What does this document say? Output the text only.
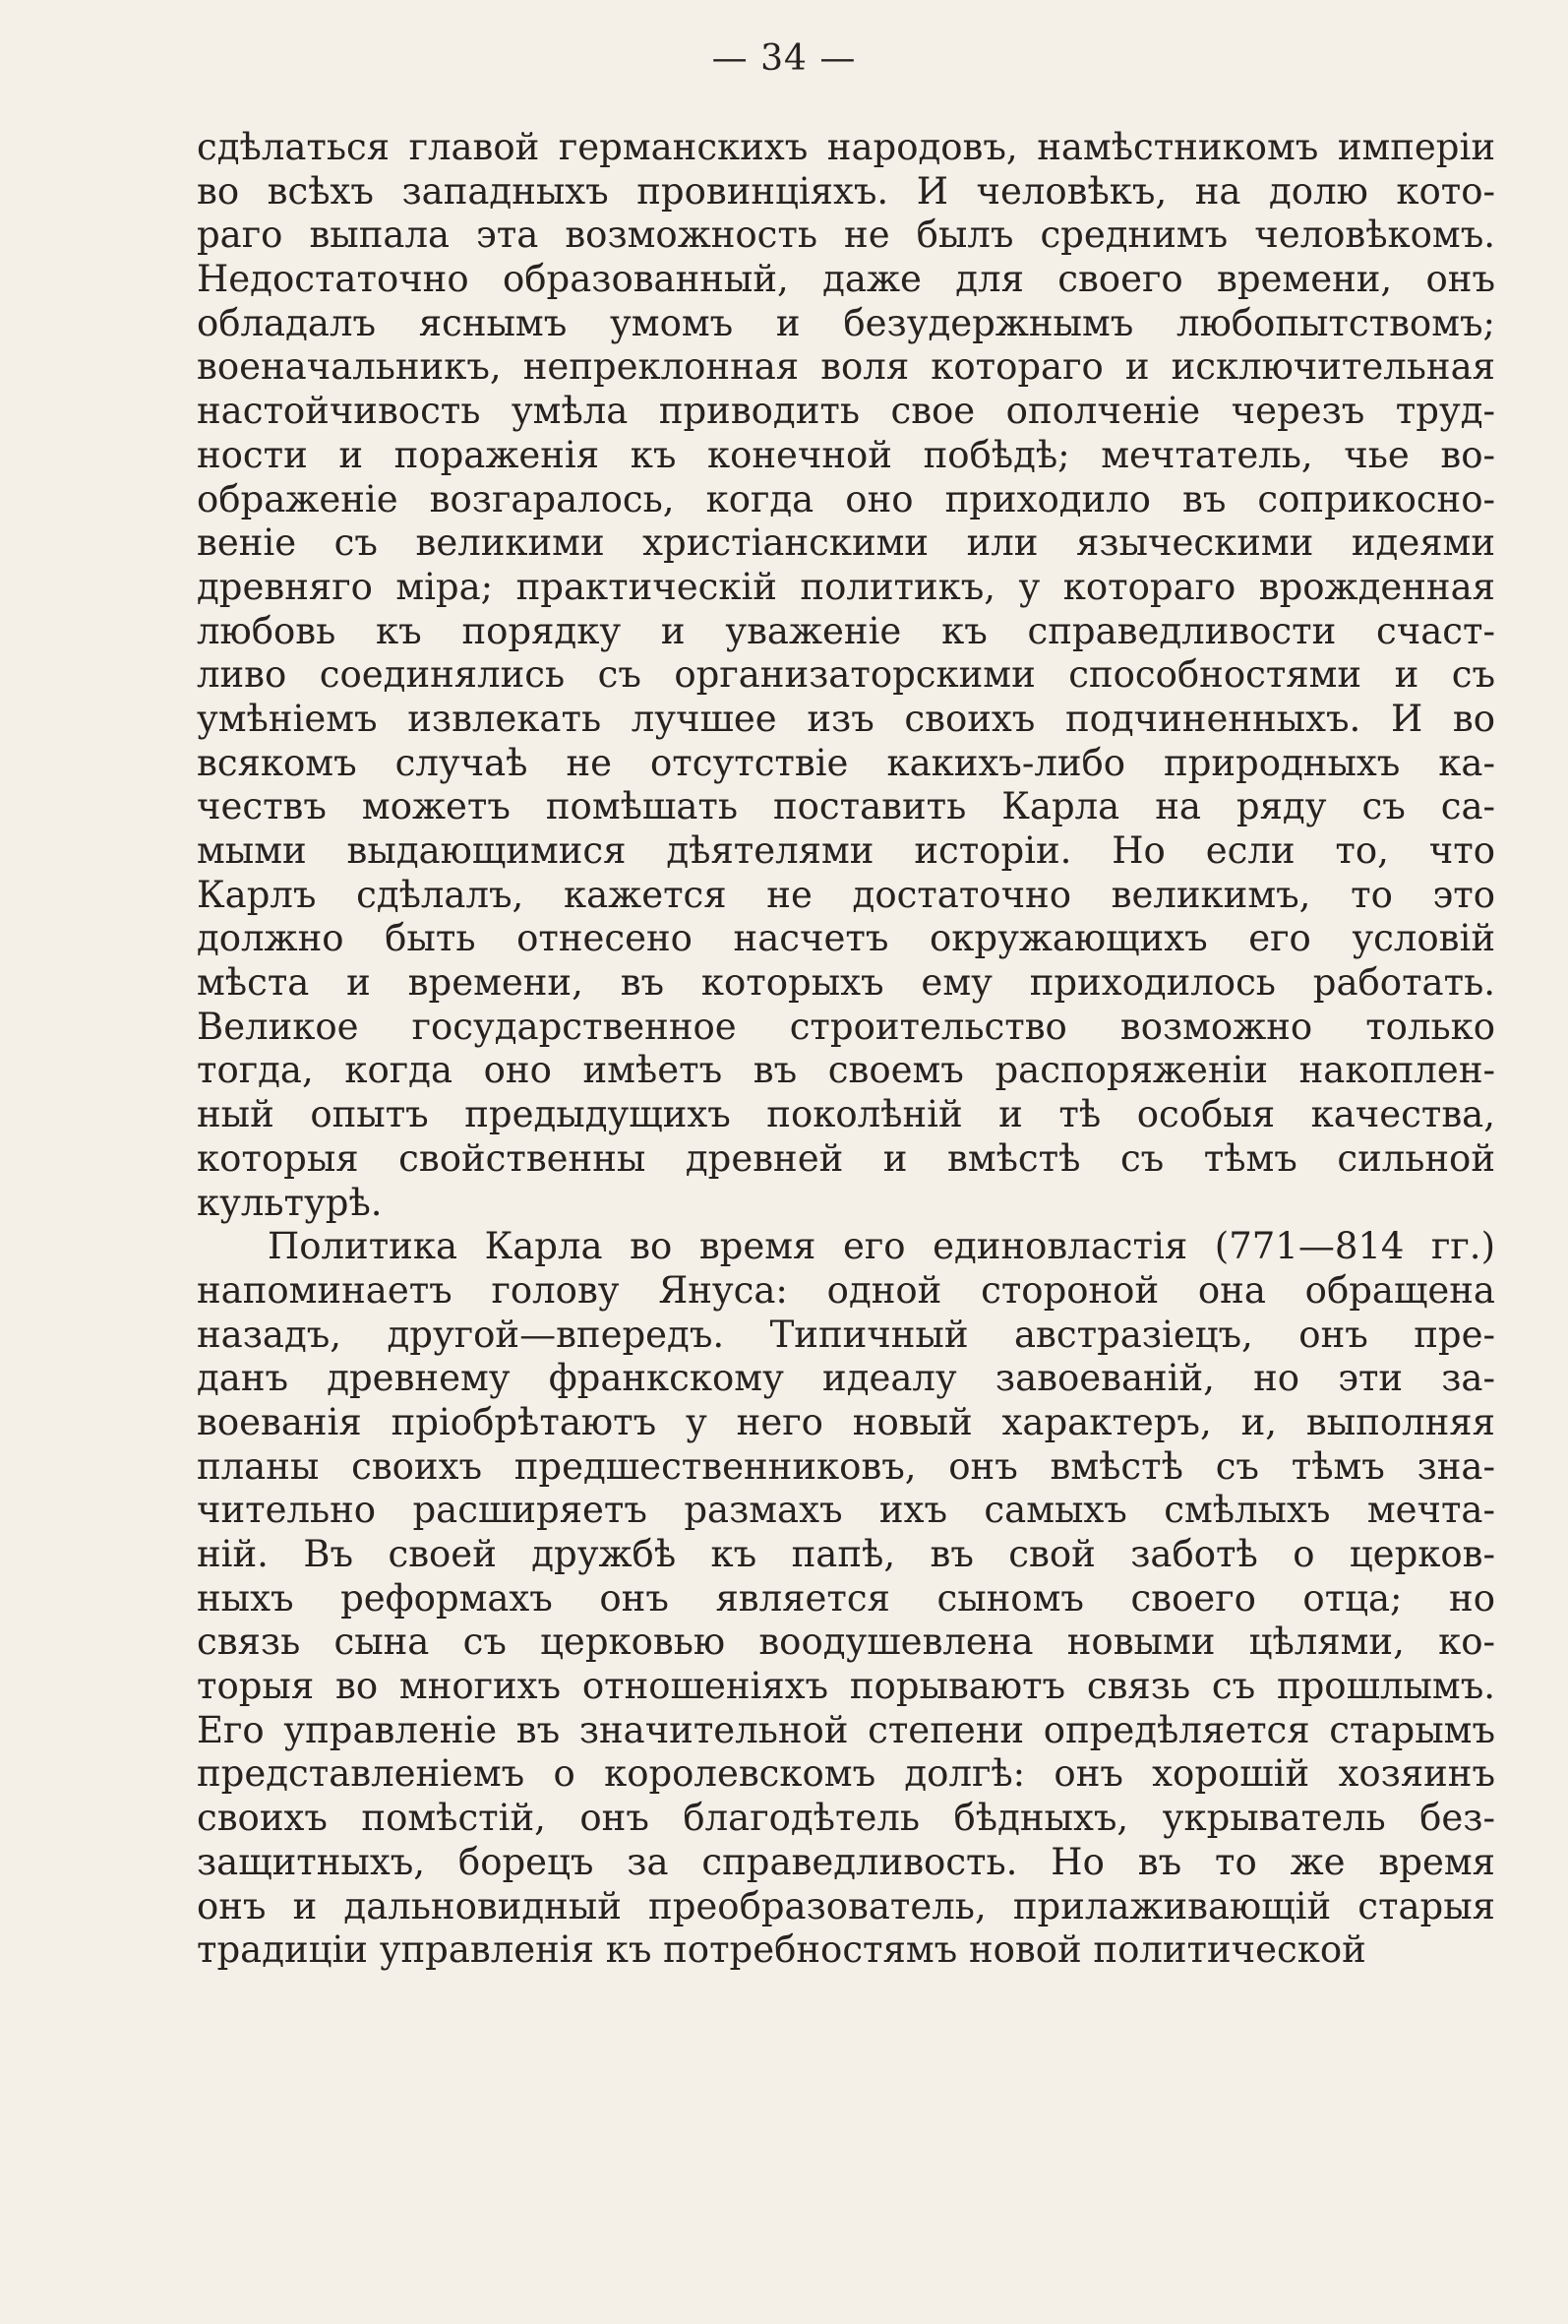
— 34 —
сдѣлаться главой германскихъ народовъ, намѣстникомъ имперіи
во всѣхъ западныхъ провинціяхъ. И человѣкъ, на долю кото-
раго выпала эта возможность не былъ среднимъ человѣкомъ.
Недостаточно образованный, даже для своего времени, онъ
обладалъ яснымъ умомъ и безудержнымъ любопытствомъ;
военачальникъ, непреклонная воля котораго и исключительная
настойчивость умѣла приводить свое ополченіе черезъ труд-
ности и пораженія къ конечной побѣдѣ; мечтатель, чье во-
ображеніе возгаралось, когда оно приходило въ соприкосно-
веніе съ великими христіанскими или языческими идеями
древняго міра; практическій политикъ, у котораго врожденная
любовь къ порядку и уваженіе къ справедливости счаст-
ливо соединялись съ организаторскими способностями и съ
умѣніемъ извлекать лучшее изъ своихъ подчиненныхъ. И во
всякомъ случаѣ не отсутствіе какихъ-либо природныхъ ка-
чествъ можетъ помѣшать поставить Карла на ряду съ са-
мыми выдающимися дѣятелями исторіи. Но если то, что
Карлъ сдѣлалъ, кажется не достаточно великимъ, то это
должно быть отнесено насчетъ окружающихъ его условій
мѣста и времени, въ которыхъ ему приходилось работать.
Великое государственное строительство возможно только
тогда, когда оно имѣетъ въ своемъ распоряженіи накоплен-
ный опытъ предыдущихъ поколѣній и тѣ особыя качества,
которыя свойственны древней и вмѣстѣ съ тѣмъ сильной
культурѣ.
Политика Карла во время его единовластія (771—814 гг.)
напоминаетъ голову Януса: одной стороной она обращена
назадъ, другой—впередъ. Типичный австразіецъ, онъ пре-
данъ древнему франкскому идеалу завоеваній, но эти за-
воеванія пріобрѣтаютъ у него новый характеръ, и, выполняя
планы своихъ предшественниковъ, онъ вмѣстѣ съ тѣмъ зна-
чительно расширяетъ размахъ ихъ самыхъ смѣлыхъ мечта-
ній. Въ своей дружбѣ къ папѣ, въ свой заботѣ о церков-
ныхъ реформахъ онъ является сыномъ своего отца; но
связь сына съ церковью воодушевлена новыми цѣлями, ко-
торыя во многихъ отношеніяхъ порываютъ связь съ прошлымъ.
Его управленіе въ значительной степени опредѣляется старымъ
представленіемъ о королевскомъ долгѣ: онъ хорошій хозяинъ
своихъ помѣстій, онъ благодѣтель бѣдныхъ, укрыватель без-
защитныхъ, борецъ за справедливость. Но въ то же время
онъ и дальновидный преобразователь, прилаживающій старыя
традиціи управленія къ потребностямъ новой политической
